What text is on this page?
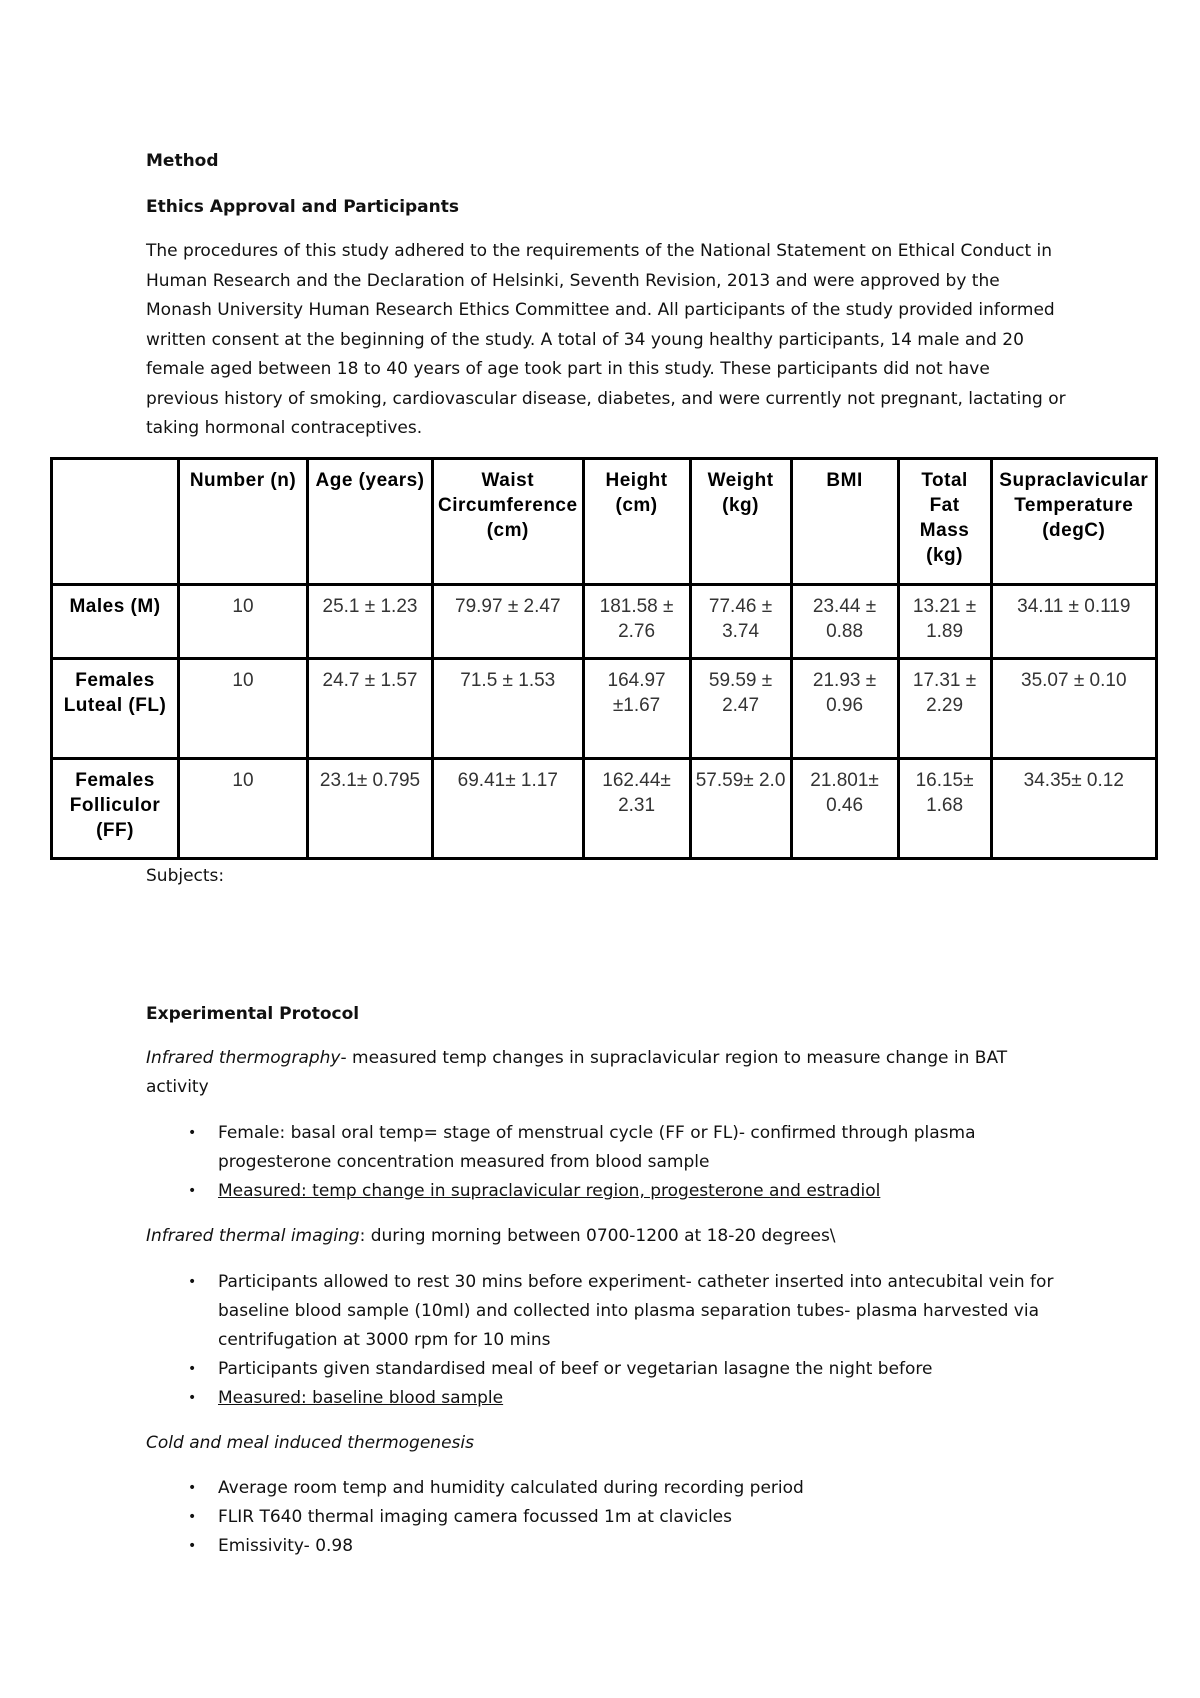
Method
Ethics Approval and Participants
The procedures of this study adhered to the requirements of the National Statement on Ethical Conduct in Human Research and the Declaration of Helsinki, Seventh Revision, 2013 and were approved by the Monash University Human Research Ethics Committee and. All participants of the study provided informed written consent at the beginning of the study. A total of 34 young healthy participants, 14 male and 20 female aged between 18 to 40 years of age took part in this study. These participants did not have previous history of smoking, cardiovascular disease, diabetes, and were currently not pregnant, lactating or taking hormonal contraceptives.
	Number (n)	Age (years)	Waist Circumference (cm)	Height (cm)	Weight (kg)	BMI	Total Fat Mass (kg)	Supraclavicular Temperature (degC)
Males (M)	10	25.1 ± 1.23	79.97 ± 2.47	181.58 ± 2.76	77.46 ± 3.74	23.44 ± 0.88	13.21 ± 1.89	34.11 ± 0.119
Females Luteal (FL)	10	24.7 ± 1.57	71.5 ± 1.53	164.97 ±1.67	59.59 ± 2.47	21.93 ± 0.96	17.31 ± 2.29	35.07 ± 0.10
Females Folliculor (FF)	10	23.1± 0.795	69.41± 1.17	162.44± 2.31	57.59± 2.0	21.801± 0.46	16.15± 1.68	34.35± 0.12
Subjects:
Experimental Protocol
Infrared thermography- measured temp changes in supraclavicular region to measure change in BAT activity
• Female: basal oral temp= stage of menstrual cycle (FF or FL)- confirmed through plasma progesterone concentration measured from blood sample
• Measured: temp change in supraclavicular region, progesterone and estradiol
Infrared thermal imaging: during morning between 0700-1200 at 18-20 degrees\
• Participants allowed to rest 30 mins before experiment- catheter inserted into antecubital vein for baseline blood sample (10ml) and collected into plasma separation tubes- plasma harvested via centrifugation at 3000 rpm for 10 mins
• Participants given standardised meal of beef or vegetarian lasagne the night before
• Measured: baseline blood sample
Cold and meal induced thermogenesis
• Average room temp and humidity calculated during recording period
• FLIR T640 thermal imaging camera focussed 1m at clavicles
• Emissivity- 0.98
